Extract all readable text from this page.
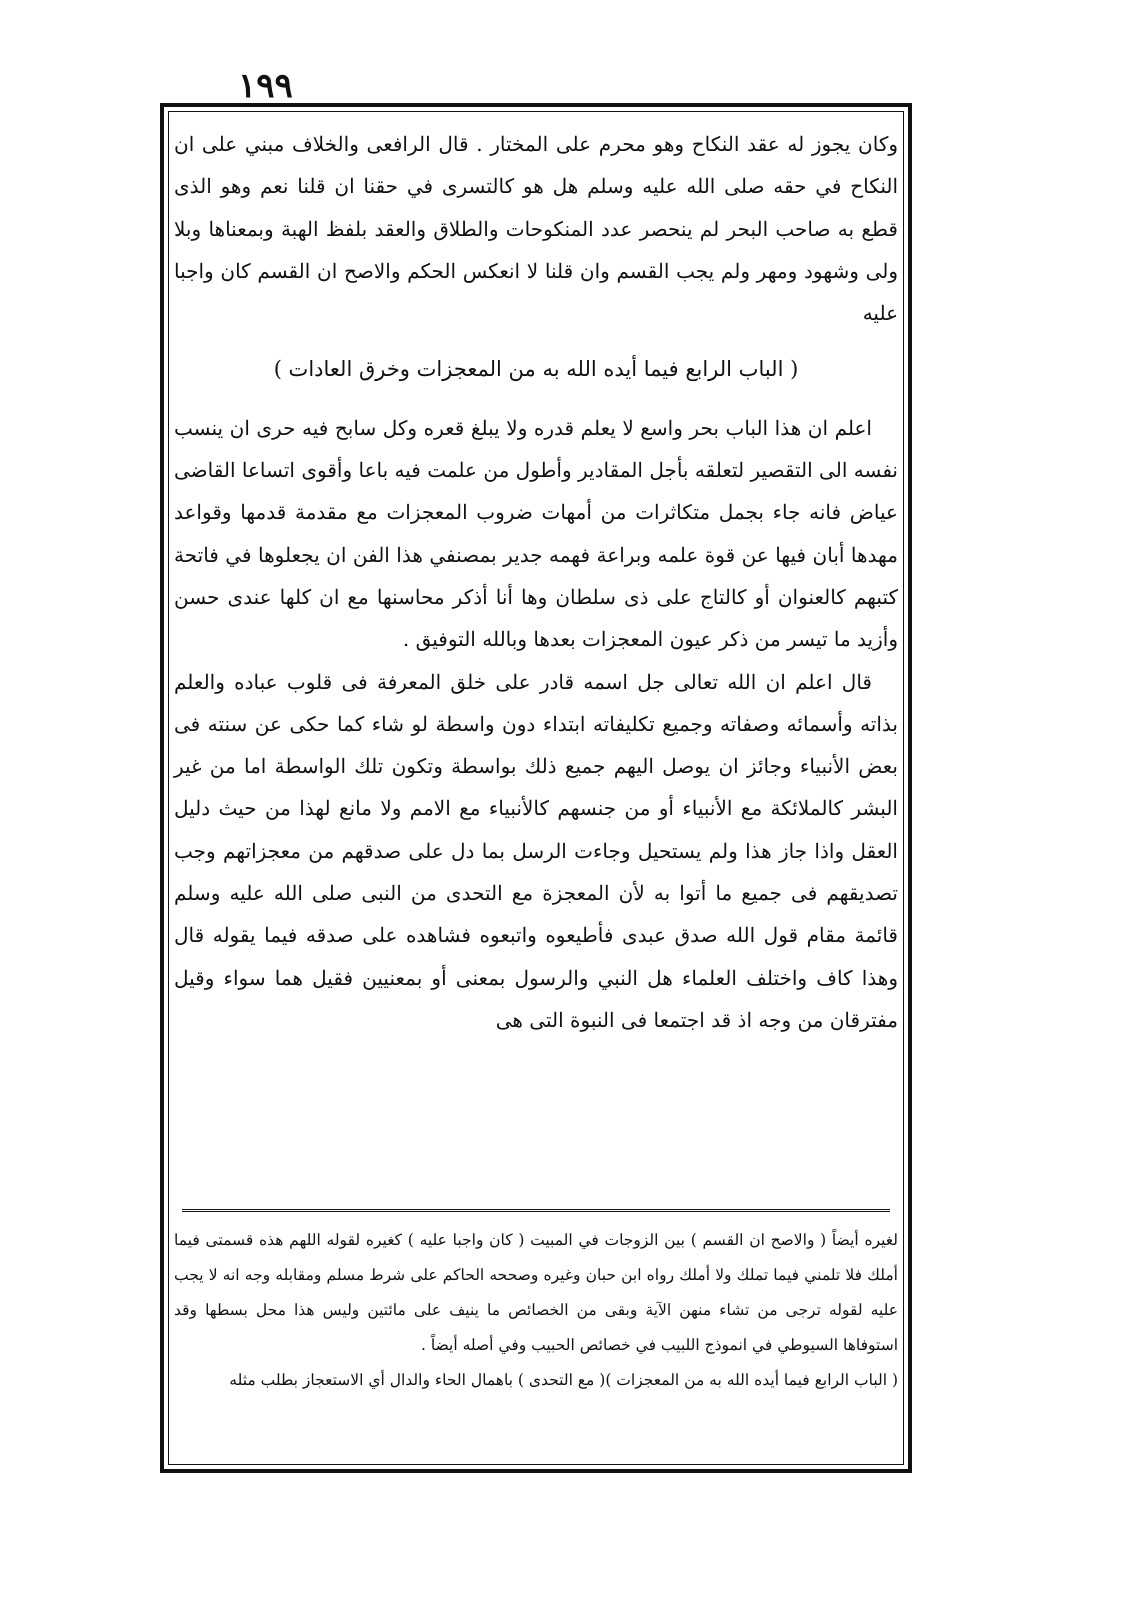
١٩٩

وكان يجوز له عقد النكاح وهو محرم على المختار . قال الرافعى والخلاف مبني على ان النكاح في حقه صلى الله عليه وسلم هل هو كالتسرى في حقنا ان قلنا نعم وهو الذى قطع به صاحب البحر لم ينحصر عدد المنكوحات والطلاق والعقد بلفظ الهبة وبمعناها وبلا ولى وشهود ومهر ولم يجب القسم وان قلنا لا انعكس الحكم والاصح ان القسم كان واجبا عليه

( الباب الرابع فيما أيده الله به من المعجزات وخرق العادات )

اعلم ان هذا الباب بحر واسع لا يعلم قدره ولا يبلغ قعره وكل سابح فيه حرى ان ينسب نفسه الى التقصير لتعلقه بأجل المقادير وأطول من علمت فيه باعا وأقوى اتساعا القاضى عياض فانه جاء بجمل متكاثرات من أمهات ضروب المعجزات مع مقدمة قدمها وقواعد مهدها أبان فيها عن قوة علمه وبراعة فهمه جدير بمصنفي هذا الفن ان يجعلوها في فاتحة كتبهم كالعنوان أو كالتاج على ذى سلطان وها أنا أذكر محاسنها مع ان كلها عندى حسن وأزيد ما تيسر من ذكر عيون المعجزات بعدها وبالله التوفيق .

قال اعلم ان الله تعالى جل اسمه قادر على خلق المعرفة فى قلوب عباده والعلم بذاته وأسمائه وصفاته وجميع تكليفاته ابتداء دون واسطة لو شاء كما حكى عن سنته فى بعض الأنبياء وجائز ان يوصل اليهم جميع ذلك بواسطة وتكون تلك الواسطة اما من غير البشر كالملائكة مع الأنبياء أو من جنسهم كالأنبياء مع الامم ولا مانع لهذا من حيث دليل العقل واذا جاز هذا ولم يستحيل وجاءت الرسل بما دل على صدقهم من معجزاتهم وجب تصديقهم فى جميع ما أتوا به لأن المعجزة مع التحدى من النبى صلى الله عليه وسلم قائمة مقام قول الله صدق عبدى فأطيعوه واتبعوه فشاهده على صدقه فيما يقوله قال وهذا كاف واختلف العلماء هل النبي والرسول بمعنى أو بمعنيين فقيل هما سواء وقيل مفترقان من وجه اذ قد اجتمعا فى النبوة التى هى

لغيره أيضاً ( والاصح ان القسم ) بين الزوجات في المبيت ( كان واجبا عليه ) كغيره لقوله اللهم هذه قسمتى فيما أملك فلا تلمني فيما تملك ولا أملك رواه ابن حبان وغيره وصححه الحاكم على شرط مسلم ومقابله وجه انه لا يجب عليه لقوله ترجى من تشاء منهن الآية وبقى من الخصائص ما ينيف على مائتين وليس هذا محل بسطها وقد استوفاها السيوطي في انموذج اللبيب في خصائص الحبيب وفي أصله أيضاً .

( الباب الرابع فيما أيده الله به من المعجزات )( مع التحدى ) باهمال الحاء والدال أي الاستعجاز بطلب مثله
